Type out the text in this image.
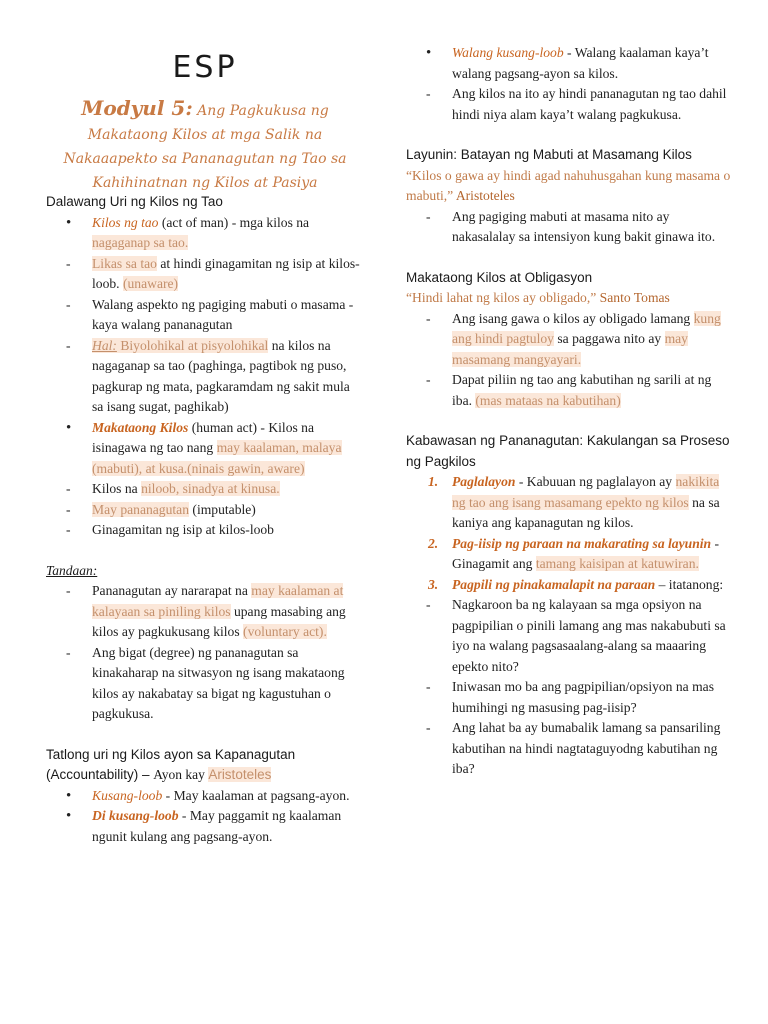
ESP
Modyul 5: Ang Pagkukusa ng Makataong Kilos at mga Salik na Nakaaapekto sa Pananagutan ng Tao sa Kahihinatnan ng Kilos at Pasiya

Dalawang Uri ng Kilos ng Tao

• Kilos ng tao (act of man) - mga kilos na nagaganap sa tao.
- Likas sa tao at hindi ginagamitan ng isip at kilos-loob. (unaware)
- Walang aspekto ng pagiging mabuti o masama - kaya walang pananagutan
- Hal: Biyolohikal at pisyolohikal na kilos na nagaganap sa tao (paghinga, pagtibok ng puso, pagkurap ng mata, pagkaramdam ng sakit mula sa isang sugat, paghikab)
• Makataong Kilos (human act) - Kilos na isinagawa ng tao nang may kaalaman, malaya (mabuti), at kusa.(ninais gawin, aware)
- Kilos na niloob, sinadya at kinusa.
- May pananagutan (imputable)
- Ginagamitan ng isip at kilos-loob

Tandaan:

- Pananagutan ay nararapat na may kaalaman at kalayaan sa piniling kilos upang masabing ang kilos ay pagkukusang kilos (voluntary act).
- Ang bigat (degree) ng pananagutan sa kinakaharap na sitwasyon ng isang makataong kilos ay nakabatay sa bigat ng kagustuhan o pagkukusa.

Tatlong uri ng Kilos ayon sa Kapanagutan (Accountability) – Ayon kay Aristoteles

• Kusang-loob - May kaalaman at pagsang-ayon.
• Di kusang-loob - May paggamit ng kaalaman ngunit kulang ang pagsang-ayon.
• Walang kusang-loob - Walang kaalaman kaya’t walang pagsang-ayon sa kilos.
- Ang kilos na ito ay hindi pananagutan ng tao dahil hindi niya alam kaya’t walang pagkukusa.

Layunin: Batayan ng Mabuti at Masamang Kilos

“Kilos o gawa ay hindi agad nahuhusgahan kung masama o mabuti,” Aristoteles
- Ang pagiging mabuti at masama nito ay nakasalalay sa intensiyon kung bakit ginawa ito.

Makataong Kilos at Obligasyon

“Hindi lahat ng kilos ay obligado,” Santo Tomas
- Ang isang gawa o kilos ay obligado lamang kung ang hindi pagtuloy sa paggawa nito ay may masamang mangyayari.
- Dapat piliin ng tao ang kabutihan ng sarili at ng iba. (mas mataas na kabutihan)

Kabawasan ng Pananagutan: Kakulangan sa Proseso ng Pagkilos

1. Paglalayon - Kabuuan ng paglalayon ay nakikita ng tao ang isang masamang epekto ng kilos na sa kaniya ang kapanagutan ng kilos.
2. Pag-iisip ng paraan na makarating sa layunin - Ginagamit ang tamang kaisipan at katuwiran.
3. Pagpili ng pinakamalapit na paraan – itatanong:
- Nagkaroon ba ng kalayaan sa mga opsiyon na pagpipilian o pinili lamang ang mas nakabubuti sa iyo na walang pagsasaalang-alang sa maaaring epekto nito?
- Iniwasan mo ba ang pagpipilian/opsiyon na mas humihingi ng masusing pag-iisip?
- Ang lahat ba ay bumabalik lamang sa pansariling kabutihan na hindi nagtataguyodng kabutihan ng iba?
